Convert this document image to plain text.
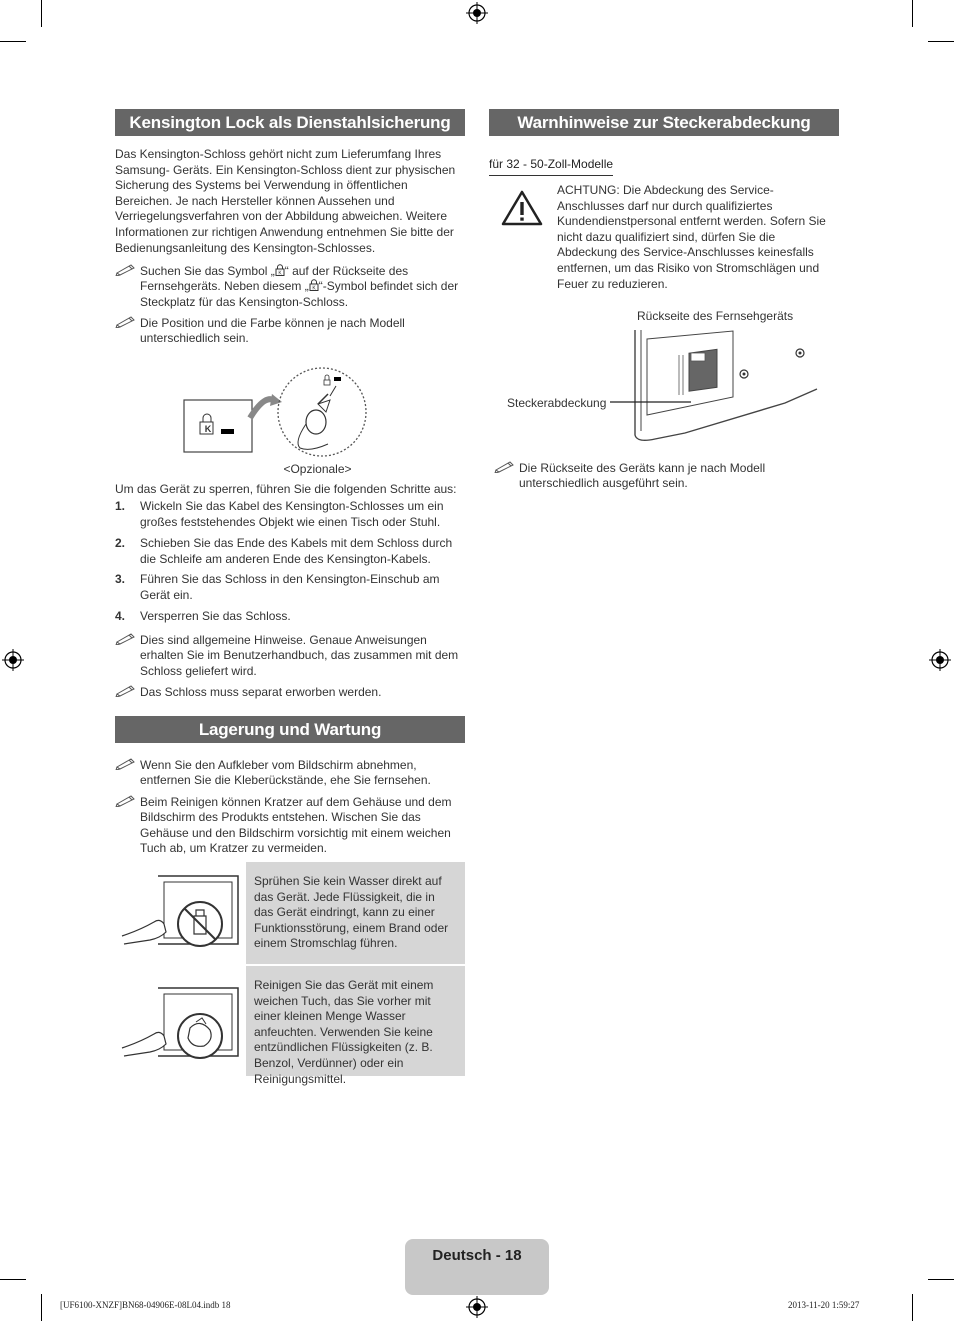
Kensington Lock als Dienstahlsicherung
Das Kensington-Schloss gehört nicht zum Lieferumfang Ihres Samsung- Geräts. Ein Kensington-Schloss dient zur physischen Sicherung des Systems bei Verwendung in öffentlichen Bereichen. Je nach Hersteller können Aussehen und Verriegelungsverfahren von der Abbildung abweichen. Weitere Informationen zur richtigen Anwendung entnehmen Sie bitte der Bedienungsanleitung des Kensington-Schlosses.
Suchen Sie das Symbol „ K “ auf der Rückseite des Fernsehgeräts. Neben diesem „ K “-Symbol befindet sich der Steckplatz für das Kensington-Schloss.
Die Position und die Farbe können je nach Modell unterschiedlich sein.
K
<Opzionale>
Um das Gerät zu sperren, führen Sie die folgenden Schritte aus:
1. Wickeln Sie das Kabel des Kensington-Schlosses um ein großes feststehendes Objekt wie einen Tisch oder Stuhl.
2. Schieben Sie das Ende des Kabels mit dem Schloss durch die Schleife am anderen Ende des Kensington-Kabels.
3. Führen Sie das Schloss in den Kensington-Einschub am Gerät ein.
4. Versperren Sie das Schloss.
Dies sind allgemeine Hinweise. Genaue Anweisungen erhalten Sie im Benutzerhandbuch, das zusammen mit dem Schloss geliefert wird.
Das Schloss muss separat erworben werden.
Lagerung und Wartung
Wenn Sie den Aufkleber vom Bildschirm abnehmen, entfernen Sie die Kleberückstände, ehe Sie fernsehen.
Beim Reinigen können Kratzer auf dem Gehäuse und dem Bildschirm des Produkts entstehen. Wischen Sie das Gehäuse und den Bildschirm vorsichtig mit einem weichen Tuch ab, um Kratzer zu vermeiden.
Sprühen Sie kein Wasser direkt auf das Gerät. Jede Flüssigkeit, die in das Gerät eindringt, kann zu einer Funktionsstörung, einem Brand oder einem Stromschlag führen.
Reinigen Sie das Gerät mit einem weichen Tuch, das Sie vorher mit einer kleinen Menge Wasser anfeuchten. Verwenden Sie keine entzündlichen Flüssigkeiten (z. B. Benzol, Verdünner) oder ein Reinigungsmittel.
Warnhinweise zur Steckerabdeckung
für 32 - 50-Zoll-Modelle
ACHTUNG: Die Abdeckung des Service-Anschlusses darf nur durch qualifiziertes Kundendienstpersonal entfernt werden. Sofern Sie nicht dazu qualifiziert sind, dürfen Sie die Abdeckung des Service-Anschlusses keinesfalls entfernen, um das Risiko von Stromschlägen und Feuer zu reduzieren.
Rückseite des Fernsehgeräts
Steckerabdeckung
Die Rückseite des Geräts kann je nach Modell unterschiedlich ausgeführt sein.
Deutsch - 18
[UF6100-XNZF]BN68-04906E-08L04.indb 18	2013-11-20 1:59:27
